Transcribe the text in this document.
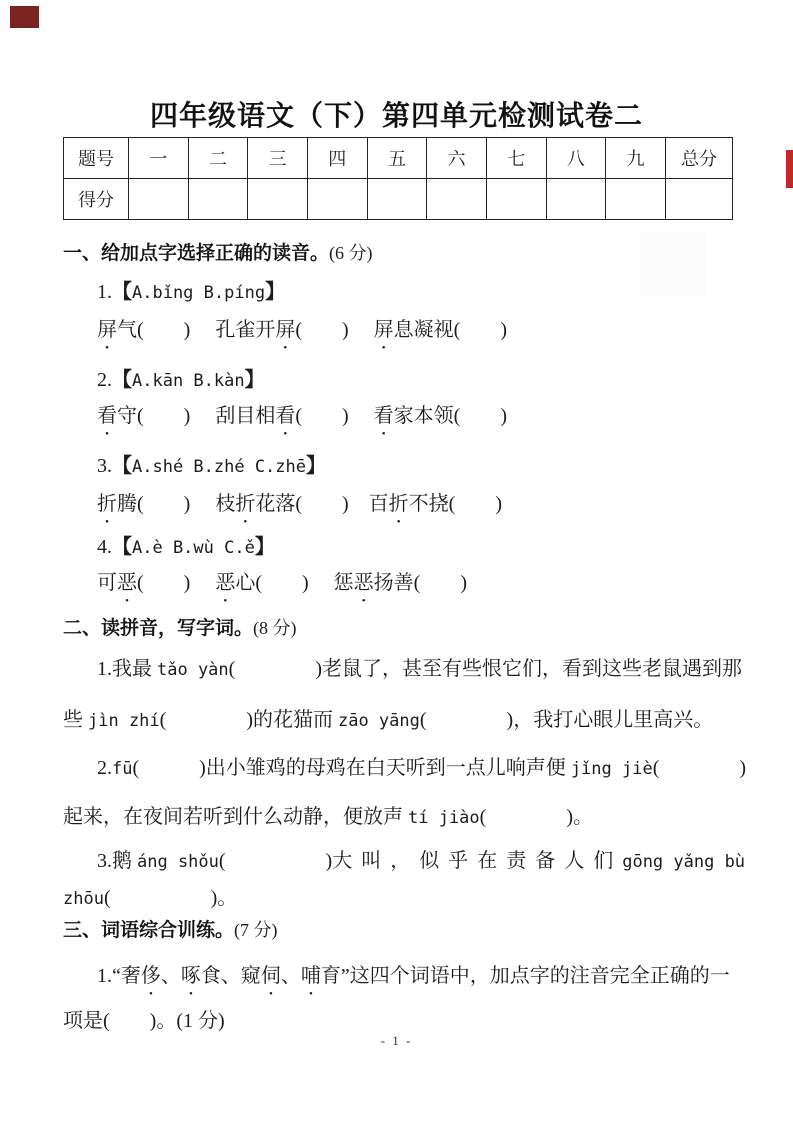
四年级语文（下）第四单元检测试卷二
题号	一	二	三	四	五	六	七	八	九	总分
得分										
一、给加点字选择正确的读音。(6 分)
1.【A.bǐng B.píng】
屏气(　　)　 孔雀开屏(　　)　 屏息凝视(　　)
2.【A.kān B.kàn】
看守(　　)　 刮目相看(　　)　 看家本领(　　)
3.【A.shé B.zhé C.zhē】
折腾(　　)　 枝折花落(　　)　百折不挠(　　)
4.【A.è B.wù C.ě】
可恶(　　)　 恶心(　　)　 惩恶扬善(　　)
二、读拼音，写字词。(8 分)
1.我最 tǎo yàn(　　　　)老鼠了，甚至有些恨它们，看到这些老鼠遇到那
些 jìn zhí(　　　　)的花猫而 zāo yāng(　　　　)，我打心眼儿里高兴。
2.fū(　　　)出小雏鸡的母鸡在白天听到一点儿响声便 jǐng jiè(　　　　)
起来，在夜间若听到什么动静，便放声 tí jiào(　　　　)。
3.鹅 áng shǒu(　　　　　)大叫，似乎在责备人们gōng yǎng bù
zhōu(　　　　　)。
三、词语综合训练。(7 分)
1.“奢侈、啄食、窥伺、哺育”这四个词语中，加点字的注音完全正确的一
项是(　　)。(1 分)
- 1 -
